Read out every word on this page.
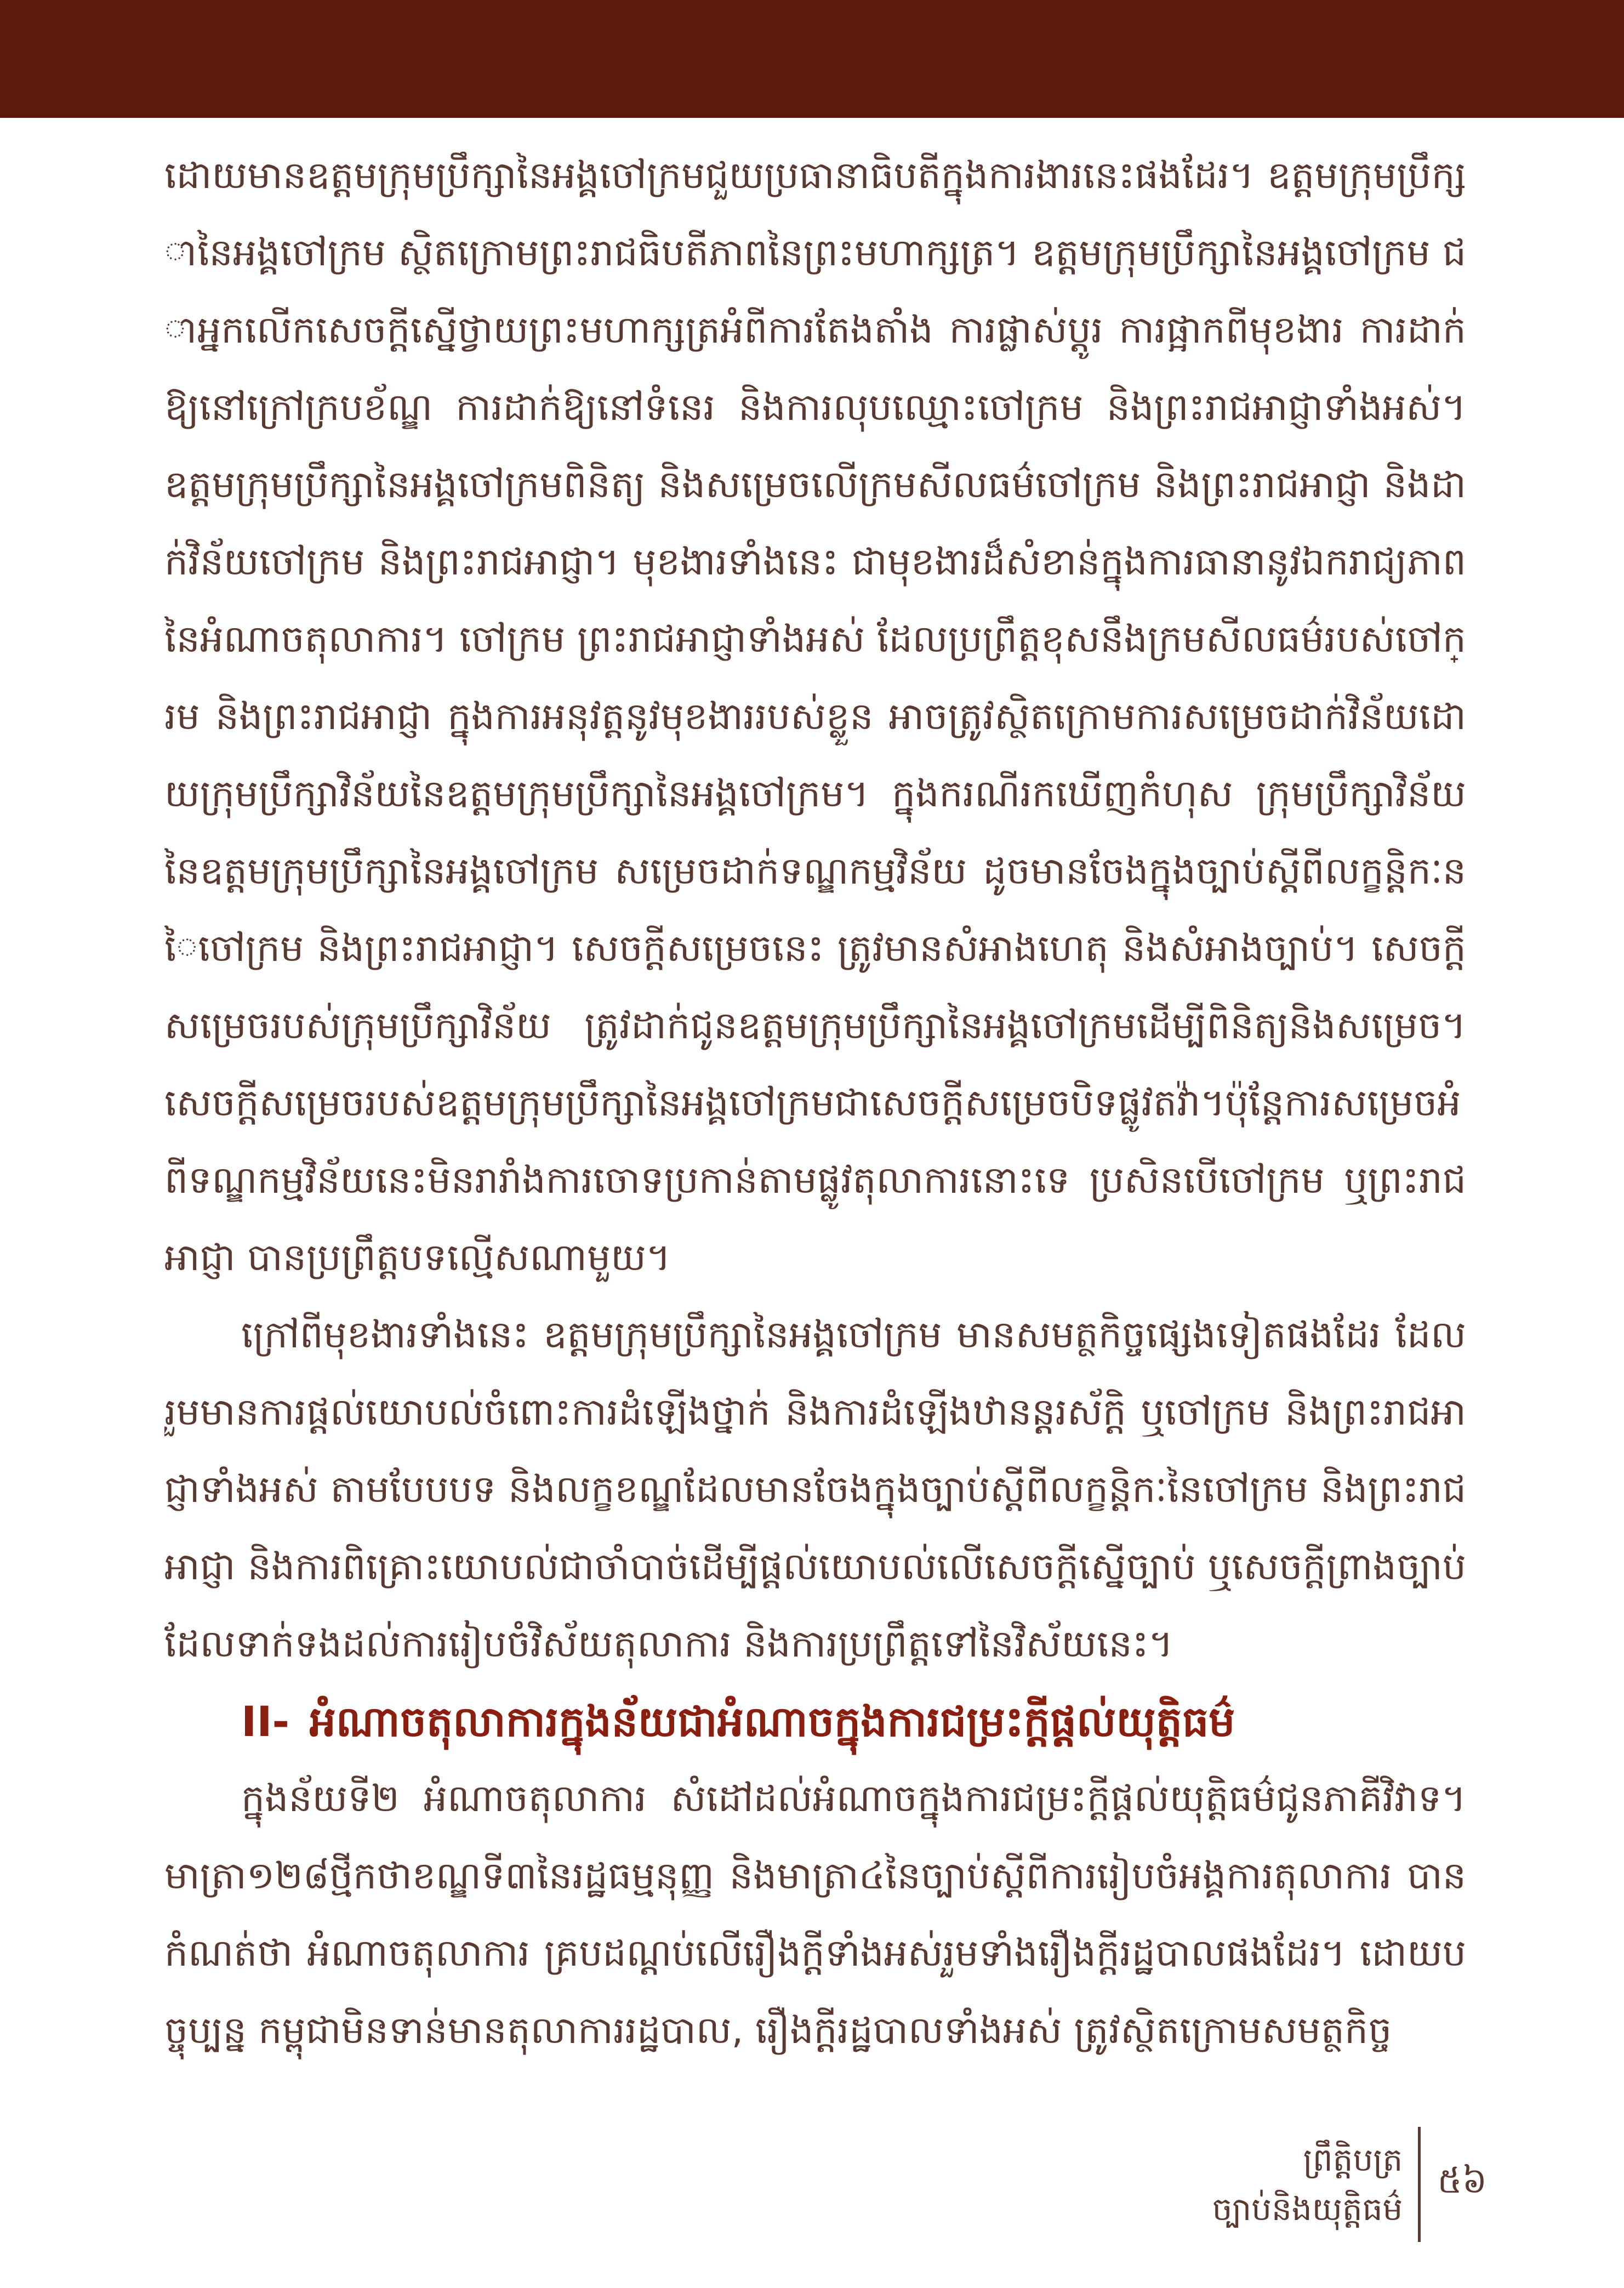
ដោយមានឧត្តមក្រុមប្រឹក្សានៃអង្គចៅក្រមជួយប្រធានាធិបតីក្នុងការងារនេះផងដែរ។ ឧត្តមក្រុមប្រឹក្សានៃអង្គចៅក្រម ស្ថិតក្រោមព្រះរាជធិបតីភាពនៃព្រះមហាក្សត្រ។ ឧត្តមក្រុមប្រឹក្សានៃអង្គចៅក្រម ជាអ្នកលើកសេចក្តីស្នើថ្វាយព្រះមហាក្សត្រអំពីការតែងតាំង ការផ្លាស់ប្តូរ ការផ្អាកពីមុខងារ ការដាក់ឱ្យនៅក្រៅក្របខ័ណ្ឌ ការដាក់ឱ្យនៅទំនេរ និងការលុបឈ្មោះចៅក្រម និងព្រះរាជអាជ្ញាទាំងអស់។ ឧត្តមក្រុមប្រឹក្សានៃអង្គចៅក្រមពិនិត្យ និងសម្រេចលើក្រមសីលធម៌ចៅក្រម និងព្រះរាជអាជ្ញា និងដាក់វិន័យចៅក្រម និងព្រះរាជអាជ្ញា។ មុខងារទាំងនេះ ជាមុខងារដ៏សំខាន់ក្នុងការធានានូវឯករាជ្យភាពនៃអំណាចតុលាការ។ ចៅក្រម ព្រះរាជអាជ្ញាទាំងអស់ ដែលប្រព្រឹត្តខុសនឹងក្រមសីលធម៌របស់ចៅក្រម និងព្រះរាជអាជ្ញា ក្នុងការអនុវត្តនូវមុខងាររបស់ខ្លួន អាចត្រូវស្ថិតក្រោមការសម្រេចដាក់វិន័យដោយក្រុមប្រឹក្សាវិន័យនៃឧត្តមក្រុមប្រឹក្សានៃអង្គចៅក្រម។ ក្នុងករណីរកឃើញកំហុស ក្រុមប្រឹក្សាវិន័យនៃឧត្តមក្រុមប្រឹក្សានៃអង្គចៅក្រម សម្រេចដាក់ទណ្ឌកម្មវិន័យ ដូចមានចែងក្នុងច្បាប់ស្តីពីលក្ខន្តិកៈនៃចៅក្រម និងព្រះរាជអាជ្ញា។ សេចក្តីសម្រេចនេះ ត្រូវមានសំអាងហេតុ និងសំអាងច្បាប់។ សេចក្តីសម្រេចរបស់ក្រុមប្រឹក្សាវិន័យ ត្រូវដាក់ជូនឧត្តមក្រុមប្រឹក្សានៃអង្គចៅក្រមដើម្បីពិនិត្យនិងសម្រេច។សេចក្តីសម្រេចរបស់ឧត្តមក្រុមប្រឹក្សានៃអង្គចៅក្រមជាសេចក្តីសម្រេចបិទផ្លូវតវ៉ា។ប៉ុន្តែការសម្រេចអំពីទណ្ឌកម្មវិន័យនេះមិនរារាំងការចោទប្រកាន់តាមផ្លូវតុលាការនោះទេ ប្រសិនបើចៅក្រម ឬព្រះរាជអាជ្ញា បានប្រព្រឹត្តបទល្មើសណាមួយ។

ក្រៅពីមុខងារទាំងនេះ ឧត្តមក្រុមប្រឹក្សានៃអង្គចៅក្រម មានសមត្ថកិច្ចផ្សេងទៀតផងដែរ ដែលរួមមានការផ្តល់យោបល់ចំពោះការដំឡើងថ្នាក់ និងការដំឡើងឋានន្តរស័ក្តិ ឬចៅក្រម និងព្រះរាជអាជ្ញាទាំងអស់ តាមបែបបទ និងលក្ខខណ្ឌដែលមានចែងក្នុងច្បាប់ស្តីពីលក្ខន្តិកៈនៃចៅក្រម និងព្រះរាជអាជ្ញា និងការពិគ្រោះយោបល់ជាចាំបាច់ដើម្បីផ្តល់យោបល់លើសេចក្តីស្នើច្បាប់ ឬសេចក្តីព្រាងច្បាប់ដែលទាក់ទងដល់ការរៀបចំវិស័យតុលាការ និងការប្រព្រឹត្តទៅនៃវិស័យនេះ។

II- អំណាចតុលាការក្នុងន័យជាអំណាចក្នុងការជម្រះក្តីផ្តល់យុត្តិធម៌

ក្នុងន័យទី២ អំណាចតុលាការ សំដៅដល់អំណាចក្នុងការជម្រះក្តីផ្តល់យុត្តិធម៌ជូនភាគីវិវាទ។ មាត្រា១២៨ថ្មីកថាខណ្ឌទី៣នៃរដ្ឋធម្មនុញ្ញ និងមាត្រា៤នៃច្បាប់ស្តីពីការរៀបចំអង្គការតុលាការ បានកំណត់ថា អំណាចតុលាការ គ្របដណ្តប់លើរឿងក្តីទាំងអស់រួមទាំងរឿងក្តីរដ្ឋបាលផងដែរ។ ដោយបច្ចុប្បន្ន កម្ពុជាមិនទាន់មានតុលាការរដ្ឋបាល, រឿងក្តីរដ្ឋបាលទាំងអស់ ត្រូវស្ថិតក្រោមសមត្ថកិច្ច

ព្រឹត្តិបត្រ
ច្បាប់និងយុត្តិធម៌
៥៦
